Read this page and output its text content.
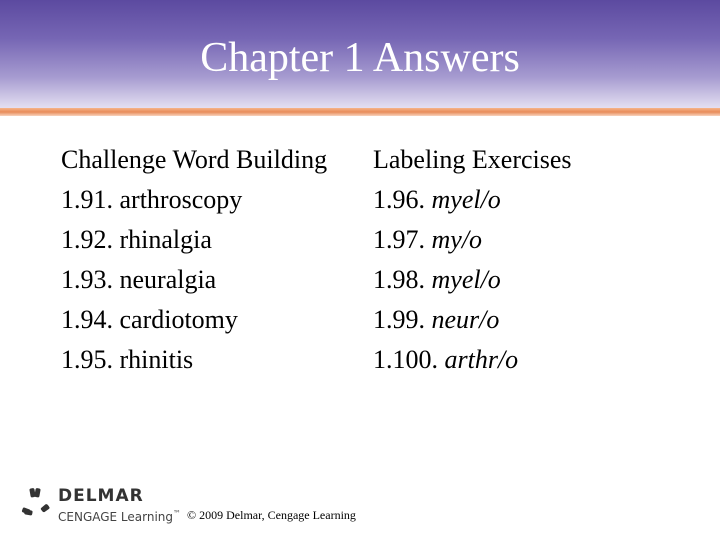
Chapter 1 Answers
Challenge Word Building
1.91. arthroscopy
1.92. rhinalgia
1.93. neuralgia
1.94. cardiotomy
1.95. rhinitis
Labeling Exercises
1.96. myel/o
1.97. my/o
1.98. myel/o
1.99. neur/o
1.100. arthr/o
DELMAR
CENGAGE Learning™ © 2009 Delmar, Cengage Learning
